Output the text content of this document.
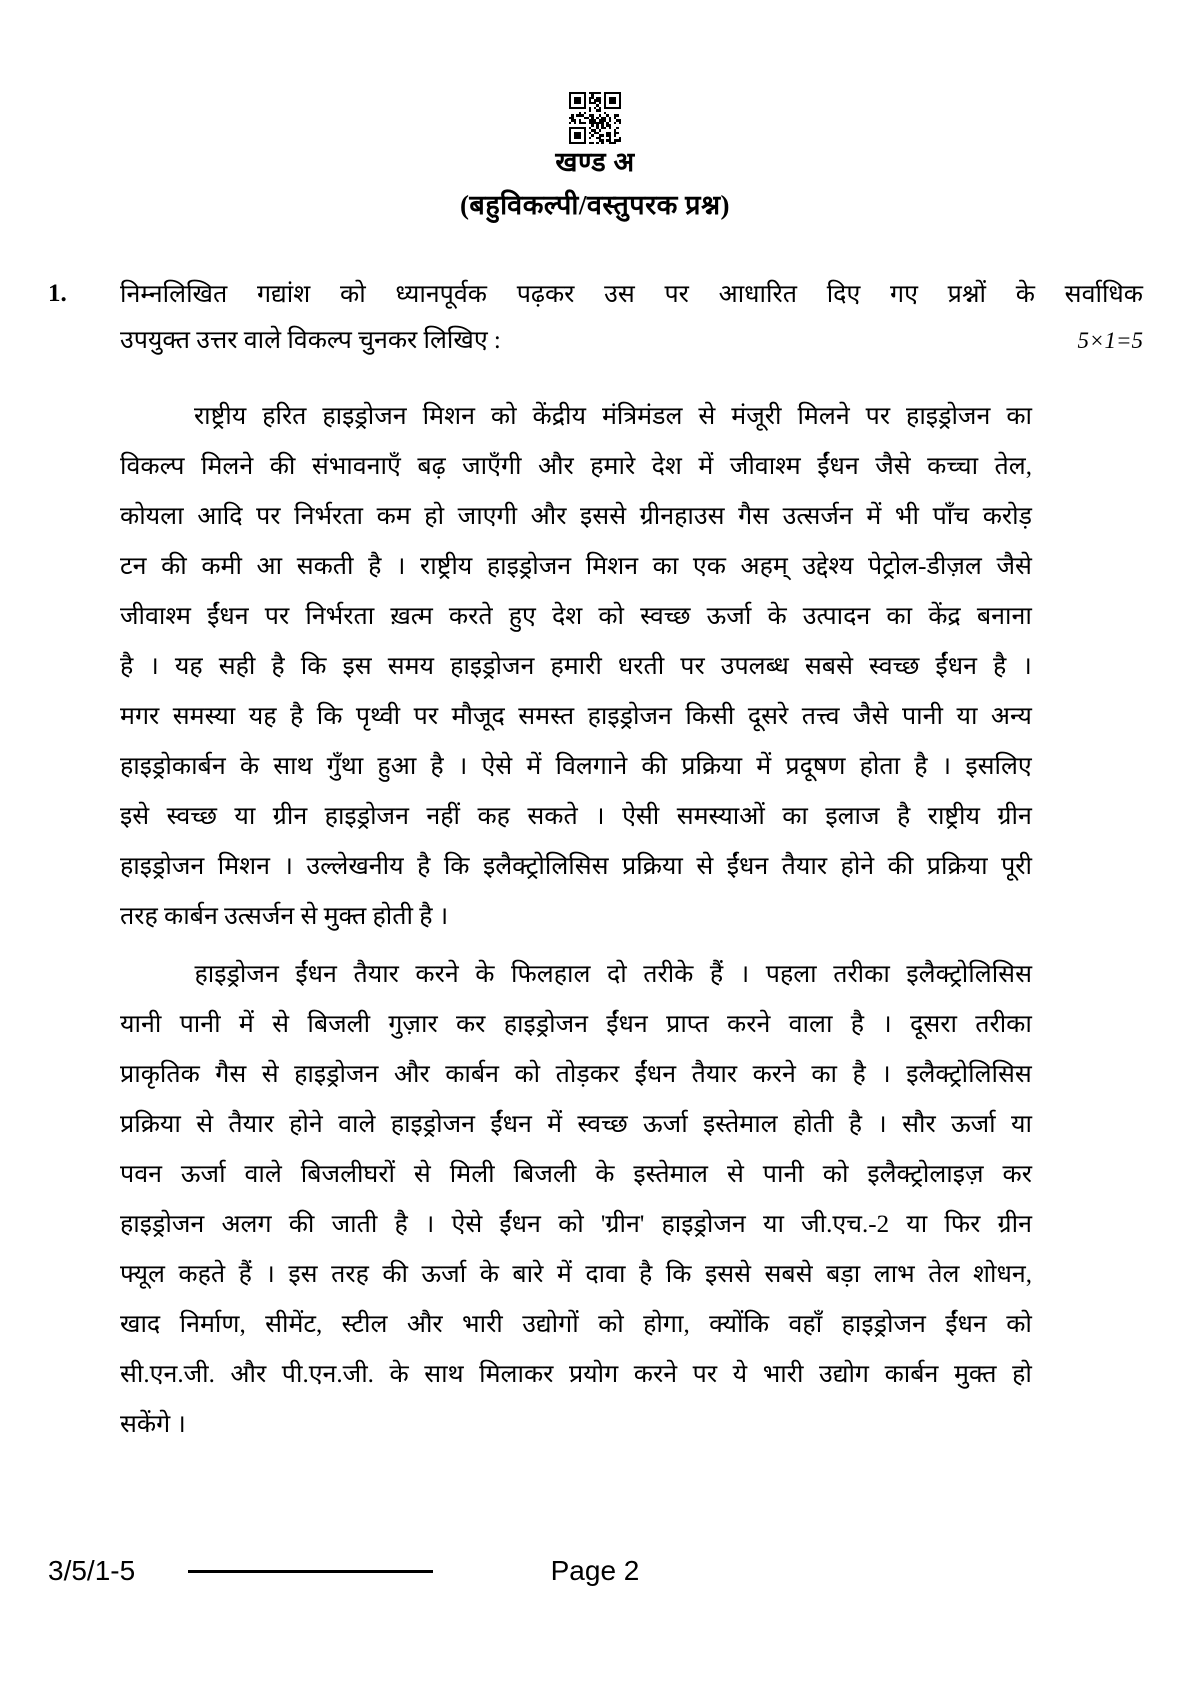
खण्ड अ
(बहुविकल्पी/वस्तुपरक प्रश्न)
1.	निम्नलिखित गद्यांश को ध्यानपूर्वक पढ़कर उस पर आधारित दिए गए प्रश्नों के सर्वाधिक
उपयुक्त उत्तर वाले विकल्प चुनकर लिखिए :	5×1=5
राष्ट्रीय हरित हाइड्रोजन मिशन को केंद्रीय मंत्रिमंडल से मंजूरी मिलने पर हाइड्रोजन का
विकल्प मिलने की संभावनाएँ बढ़ जाएँगी और हमारे देश में जीवाश्म ईंधन जैसे कच्चा तेल,
कोयला आदि पर निर्भरता कम हो जाएगी और इससे ग्रीनहाउस गैस उत्सर्जन में भी पाँच करोड़
टन की कमी आ सकती है । राष्ट्रीय हाइड्रोजन मिशन का एक अहम् उद्देश्य पेट्रोल-डीज़ल जैसे
जीवाश्म ईंधन पर निर्भरता ख़त्म करते हुए देश को स्वच्छ ऊर्जा के उत्पादन का केंद्र बनाना
है । यह सही है कि इस समय हाइड्रोजन हमारी धरती पर उपलब्ध सबसे स्वच्छ ईंधन है ।
मगर समस्या यह है कि पृथ्वी पर मौजूद समस्त हाइड्रोजन किसी दूसरे तत्त्व जैसे पानी या अन्य
हाइड्रोकार्बन के साथ गुँथा हुआ है । ऐसे में विलगाने की प्रक्रिया में प्रदूषण होता है । इसलिए
इसे स्वच्छ या ग्रीन हाइड्रोजन नहीं कह सकते । ऐसी समस्याओं का इलाज है राष्ट्रीय ग्रीन
हाइड्रोजन मिशन । उल्लेखनीय है कि इलैक्ट्रोलिसिस प्रक्रिया से ईंधन तैयार होने की प्रक्रिया पूरी
तरह कार्बन उत्सर्जन से मुक्त होती है ।
हाइड्रोजन ईंधन तैयार करने के फिलहाल दो तरीके हैं । पहला तरीका इलैक्ट्रोलिसिस
यानी पानी में से बिजली गुज़ार कर हाइड्रोजन ईंधन प्राप्त करने वाला है । दूसरा तरीका
प्राकृतिक गैस से हाइड्रोजन और कार्बन को तोड़कर ईंधन तैयार करने का है । इलैक्ट्रोलिसिस
प्रक्रिया से तैयार होने वाले हाइड्रोजन ईंधन में स्वच्छ ऊर्जा इस्तेमाल होती है । सौर ऊर्जा या
पवन ऊर्जा वाले बिजलीघरों से मिली बिजली के इस्तेमाल से पानी को इलैक्ट्रोलाइज़ कर
हाइड्रोजन अलग की जाती है । ऐसे ईंधन को 'ग्रीन' हाइड्रोजन या जी.एच.-2 या फिर ग्रीन
फ्यूल कहते हैं । इस तरह की ऊर्जा के बारे में दावा है कि इससे सबसे बड़ा लाभ तेल शोधन,
खाद निर्माण, सीमेंट, स्टील और भारी उद्योगों को होगा, क्योंकि वहाँ हाइड्रोजन ईंधन को
सी.एन.जी. और पी.एन.जी. के साथ मिलाकर प्रयोग करने पर ये भारी उद्योग कार्बन मुक्त हो
सकेंगे ।
3/5/1-5	Page 2
